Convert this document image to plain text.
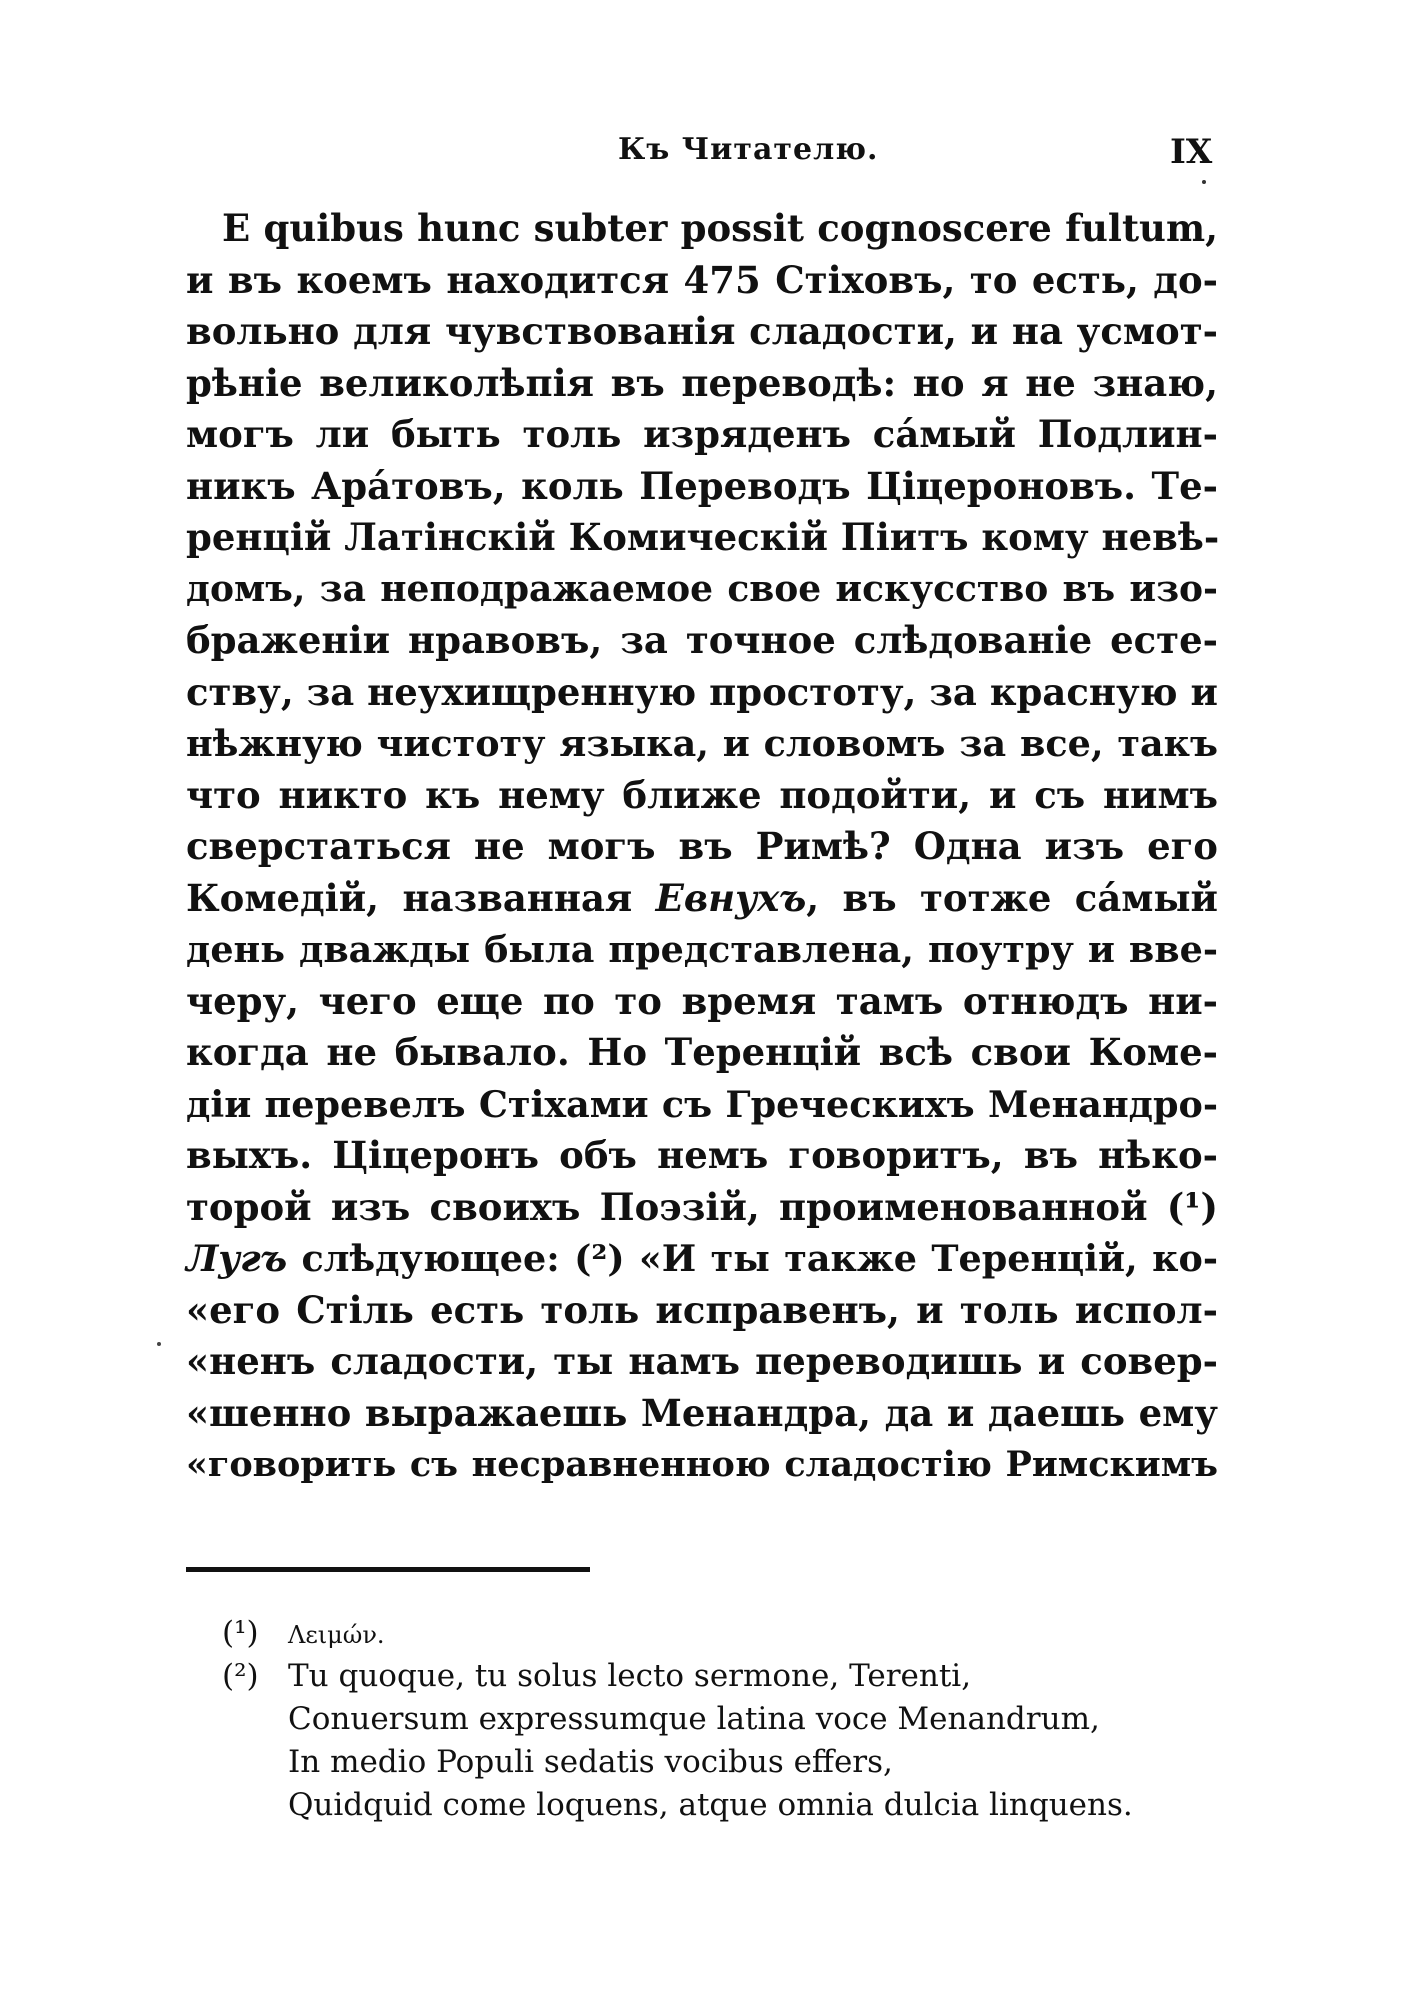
Къ Читателю.	IX
E quibus hunc subter possit cognoscere fultum,
и въ коемъ находится 475 Стiховъ, то есть, до-
вольно для чувствованiя сладости, и на усмот-
рѣнiе великолѣпiя въ переводѣ: но я не знаю,
могъ ли быть толь изряденъ са́мый Подлин-
никъ Ара́товъ, коль Переводъ Цiцероновъ. Те-
ренцiй Латiнскiй Комическiй Пiитъ кому невѣ-
домъ, за неподражаемое свое искусство въ изо-
браженiи нравовъ, за точное слѣдованiе есте-
ству, за неухищренную простоту, за красную и
нѣжную чистоту языка, и словомъ за все, такъ
что никто къ нему ближе подойти, и съ нимъ
сверстаться не могъ въ Римѣ? Одна изъ его
Комедiй, названная Евнухъ, въ тотже са́мый
день дважды была представлена, поутру и вве-
черу, чего еще по то время тамъ отнюдъ ни-
когда не бывало. Но Теренцiй всѣ свои Коме-
дiи перевелъ Стiхами съ Греческихъ Менандро-
выхъ. Цiцеронъ объ немъ говоритъ, въ нѣко-
торой изъ своихъ Поэзiй, прoименованной (¹)
Лугъ слѣдующее: (²) «И ты также Теренцiй, ко-
«его Стiль есть толь исправенъ, и толь испол-
«ненъ сладости, ты намъ переводишь и совер-
«шенно выражаешь Менандра, да и даешь ему
«говорить съ несравненною сладостiю Римскимъ
(¹) Λειμών.
(²) Tu quoque, tu solus lecto sermone, Terenti,
Conuersum expressumque latina voce Menandrum,
In medio Populi sedatis vocibus effers,
Quidquid come loquens, atque omnia dulcia linquens.
